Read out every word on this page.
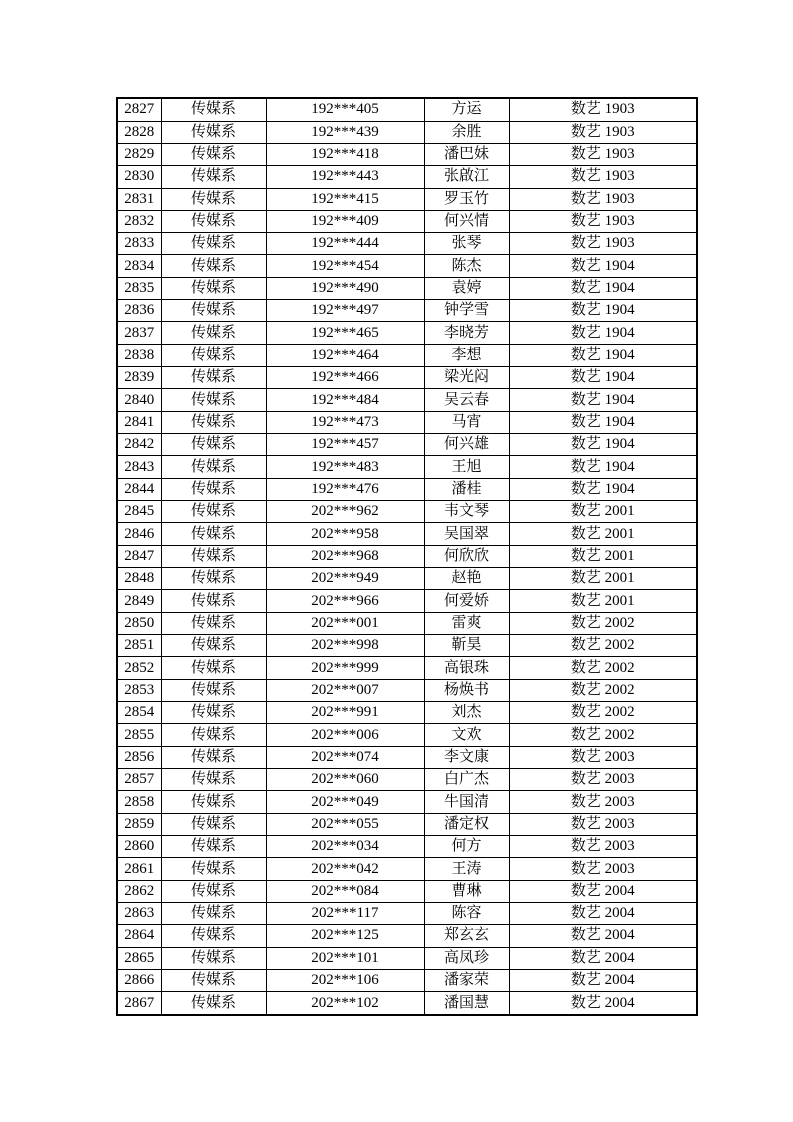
2827	传媒系	192***405	方运	数艺 1903
2828	传媒系	192***439	余胜	数艺 1903
2829	传媒系	192***418	潘巴妹	数艺 1903
2830	传媒系	192***443	张啟江	数艺 1903
2831	传媒系	192***415	罗玉竹	数艺 1903
2832	传媒系	192***409	何兴情	数艺 1903
2833	传媒系	192***444	张琴	数艺 1903
2834	传媒系	192***454	陈杰	数艺 1904
2835	传媒系	192***490	袁婷	数艺 1904
2836	传媒系	192***497	钟学雪	数艺 1904
2837	传媒系	192***465	李晓芳	数艺 1904
2838	传媒系	192***464	李想	数艺 1904
2839	传媒系	192***466	梁光闷	数艺 1904
2840	传媒系	192***484	吴云春	数艺 1904
2841	传媒系	192***473	马宵	数艺 1904
2842	传媒系	192***457	何兴雄	数艺 1904
2843	传媒系	192***483	王旭	数艺 1904
2844	传媒系	192***476	潘桂	数艺 1904
2845	传媒系	202***962	韦文琴	数艺 2001
2846	传媒系	202***958	吴国翠	数艺 2001
2847	传媒系	202***968	何欣欣	数艺 2001
2848	传媒系	202***949	赵艳	数艺 2001
2849	传媒系	202***966	何爱娇	数艺 2001
2850	传媒系	202***001	雷爽	数艺 2002
2851	传媒系	202***998	靳昊	数艺 2002
2852	传媒系	202***999	高银珠	数艺 2002
2853	传媒系	202***007	杨焕书	数艺 2002
2854	传媒系	202***991	刘杰	数艺 2002
2855	传媒系	202***006	文欢	数艺 2002
2856	传媒系	202***074	李文康	数艺 2003
2857	传媒系	202***060	白广杰	数艺 2003
2858	传媒系	202***049	牛国清	数艺 2003
2859	传媒系	202***055	潘定权	数艺 2003
2860	传媒系	202***034	何方	数艺 2003
2861	传媒系	202***042	王涛	数艺 2003
2862	传媒系	202***084	曹琳	数艺 2004
2863	传媒系	202***117	陈容	数艺 2004
2864	传媒系	202***125	郑玄玄	数艺 2004
2865	传媒系	202***101	高凤珍	数艺 2004
2866	传媒系	202***106	潘家荣	数艺 2004
2867	传媒系	202***102	潘国慧	数艺 2004
